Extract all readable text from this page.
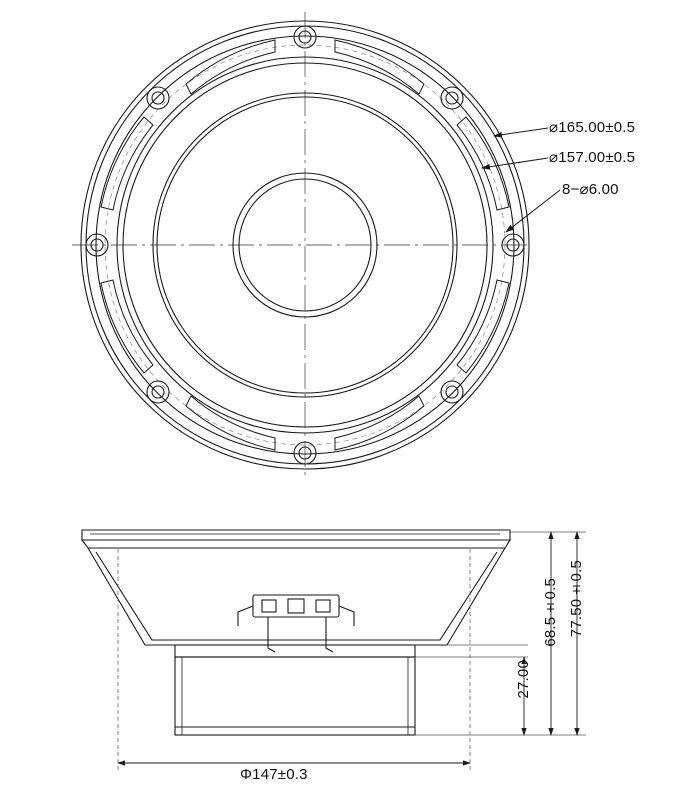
⌀165.00±0.5
⌀157.00±0.5
8−⌀6.00
77.50±0.5
68.5±0.5
27.00
Φ147±0.3
